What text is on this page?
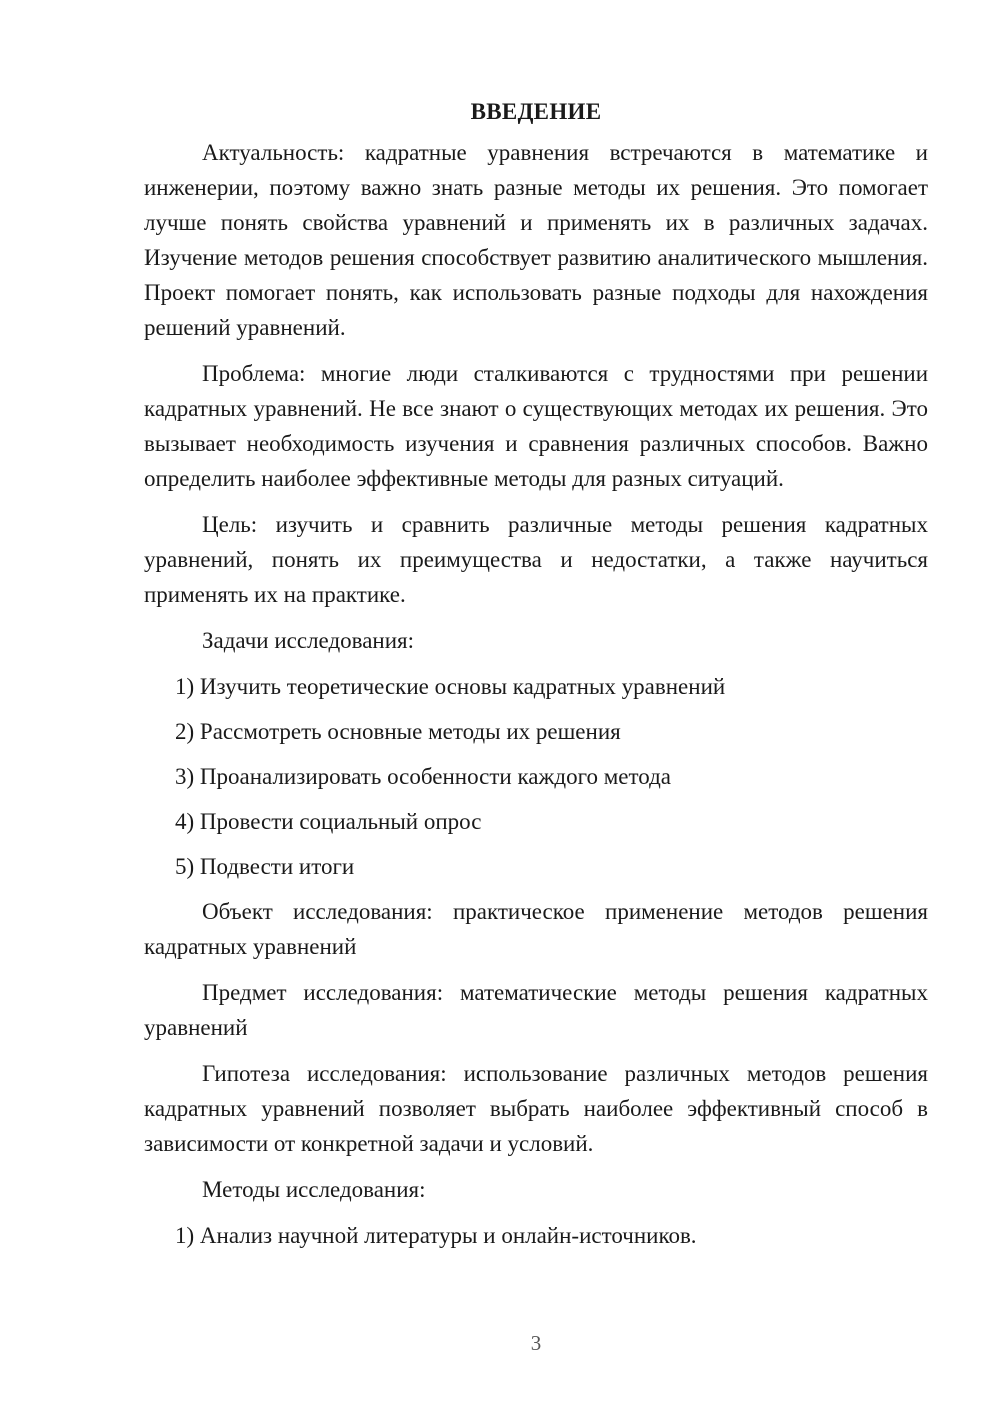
ВВЕДЕНИЕ

Актуальность: кадратные уравнения встречаются в математике и инженерии, поэтому важно знать разные методы их решения. Это помогает лучше понять свойства уравнений и применять их в различных задачах. Изучение методов решения способствует развитию аналитического мышления. Проект помогает понять, как использовать разные подходы для нахождения решений уравнений.

Проблема: многие люди сталкиваются с трудностями при решении кадратных уравнений. Не все знают о существующих методах их решения. Это вызывает необходимость изучения и сравнения различных способов. Важно определить наиболее эффективные методы для разных ситуаций.

Цель: изучить и сравнить различные методы решения кадратных уравнений, понять их преимущества и недостатки, а также научиться применять их на практике.

Задачи исследования:

1) Изучить теоретические основы кадратных уравнений
2) Рассмотреть основные методы их решения
3) Проанализировать особенности каждого метода
4) Провести социальный опрос
5) Подвести итоги

Объект исследования: практическое применение методов решения кадратных уравнений

Предмет исследования: математические методы решения кадратных уравнений

Гипотеза исследования: использование различных методов решения кадратных уравнений позволяет выбрать наиболее эффективный способ в зависимости от конкретной задачи и условий.

Методы исследования:

1) Анализ научной литературы и онлайн-источников.
3
